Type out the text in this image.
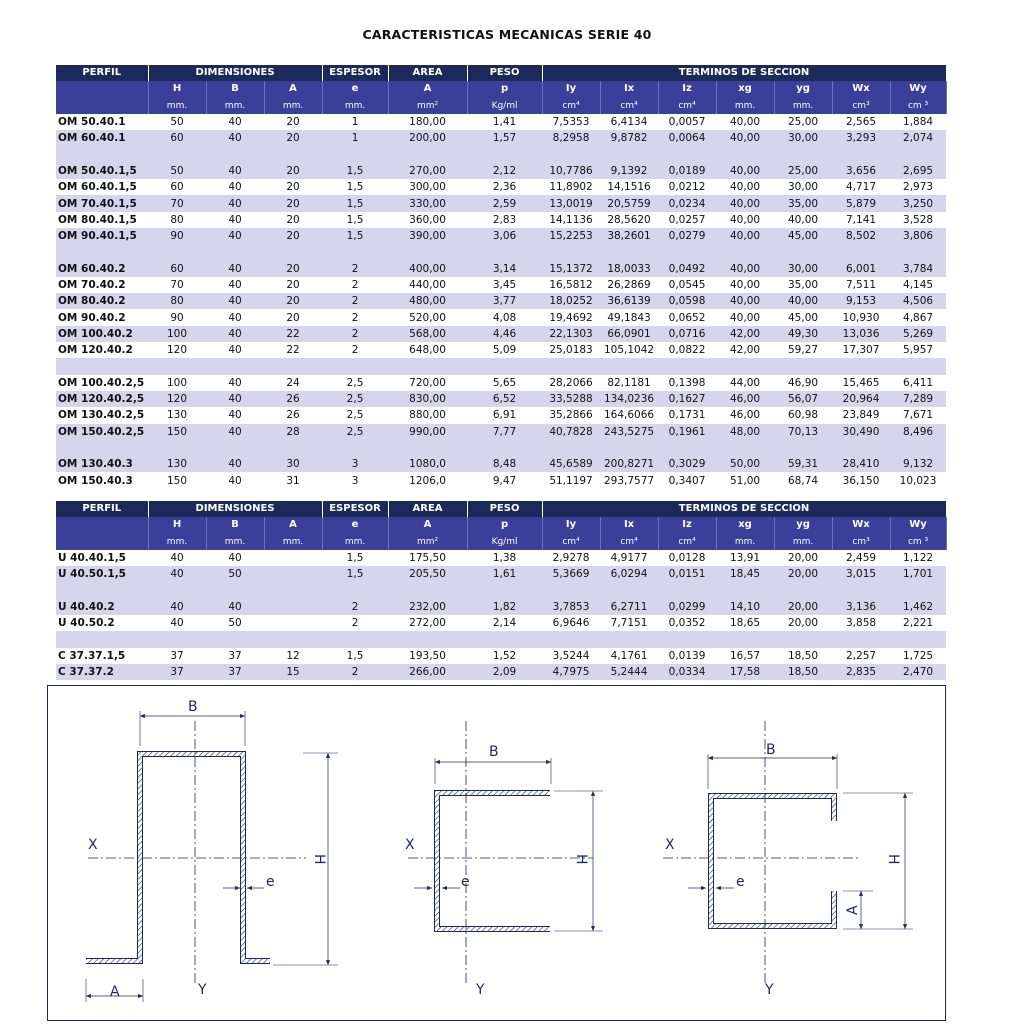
CARACTERISTICAS MECANICAS SERIE 40
PERFIL	DIMENSIONES			ESPESOR	AREA	PESO	TERMINOS DE SECCION						
	H	B	A	e	A	p	Iy	Ix	Iz	xg	yg	Wx	Wy
	mm.	mm.	mm.	mm.	mm²	Kg/ml	cm⁴	cm⁴	cm⁴	mm.	mm.	cm³	cm ³
OM 50.40.1	50	40	20	1	180,00	1,41	7,5353	6,4134	0,0057	40,00	25,00	2,565	1,884
OM 60.40.1	60	40	20	1	200,00	1,57	8,2958	9,8782	0,0064	40,00	30,00	3,293	2,074

OM 50.40.1,5	50	40	20	1,5	270,00	2,12	10,7786	9,1392	0,0189	40,00	25,00	3,656	2,695
OM 60.40.1,5	60	40	20	1,5	300,00	2,36	11,8902	14,1516	0,0212	40,00	30,00	4,717	2,973
OM 70.40.1,5	70	40	20	1,5	330,00	2,59	13,0019	20,5759	0,0234	40,00	35,00	5,879	3,250
OM 80.40.1,5	80	40	20	1,5	360,00	2,83	14,1136	28,5620	0,0257	40,00	40,00	7,141	3,528
OM 90.40.1,5	90	40	20	1,5	390,00	3,06	15,2253	38,2601	0,0279	40,00	45,00	8,502	3,806

OM 60.40.2	60	40	20	2	400,00	3,14	15,1372	18,0033	0,0492	40,00	30,00	6,001	3,784
OM 70.40.2	70	40	20	2	440,00	3,45	16,5812	26,2869	0,0545	40,00	35,00	7,511	4,145
OM 80.40.2	80	40	20	2	480,00	3,77	18,0252	36,6139	0,0598	40,00	40,00	9,153	4,506
OM 90.40.2	90	40	20	2	520,00	4,08	19,4692	49,1843	0,0652	40,00	45,00	10,930	4,867
OM 100.40.2	100	40	22	2	568,00	4,46	22,1303	66,0901	0,0716	42,00	49,30	13,036	5,269
OM 120.40.2	120	40	22	2	648,00	5,09	25,0183	105,1042	0,0822	42,00	59,27	17,307	5,957

OM 100.40.2,5	100	40	24	2,5	720,00	5,65	28,2066	82,1181	0,1398	44,00	46,90	15,465	6,411
OM 120.40.2,5	120	40	26	2,5	830,00	6,52	33,5288	134,0236	0,1627	46,00	56,07	20,964	7,289
OM 130.40.2,5	130	40	26	2,5	880,00	6,91	35,2866	164,6066	0,1731	46,00	60,98	23,849	7,671
OM 150.40.2,5	150	40	28	2,5	990,00	7,77	40,7828	243,5275	0,1961	48,00	70,13	30,490	8,496

OM 130.40.3	130	40	30	3	1080,0	8,48	45,6589	200,8271	0,3029	50,00	59,31	28,410	9,132
OM 150.40.3	150	40	31	3	1206,0	9,47	51,1197	293,7577	0,3407	51,00	68,74	36,150	10,023
PERFIL	DIMENSIONES			ESPESOR	AREA	PESO	TERMINOS DE SECCION						
	H	B	A	e	A	p	Iy	Ix	Iz	xg	yg	Wx	Wy
	mm.	mm.	mm.	mm.	mm²	Kg/ml	cm⁴	cm⁴	cm⁴	mm.	mm.	cm³	cm ³
U 40.40.1,5	40	40		1,5	175,50	1,38	2,9278	4,9177	0,0128	13,91	20,00	2,459	1,122
U 40.50.1,5	40	50		1,5	205,50	1,61	5,3669	6,0294	0,0151	18,45	20,00	3,015	1,701

U 40.40.2	40	40		2	232,00	1,82	3,7853	6,2711	0,0299	14,10	20,00	3,136	1,462
U 40.50.2	40	50		2	272,00	2,14	6,9646	7,7151	0,0352	18,65	20,00	3,858	2,221

C 37.37.1,5	37	37	12	1,5	193,50	1,52	3,5244	4,1761	0,0139	16,57	18,50	2,257	1,725
C 37.37.2	37	37	15	2	266,00	2,09	4,7975	5,2444	0,0334	17,58	18,50	2,835	2,470
B
X
Y
H
e
A
B
X
Y
H
e
B
X
Y
H
A
e
